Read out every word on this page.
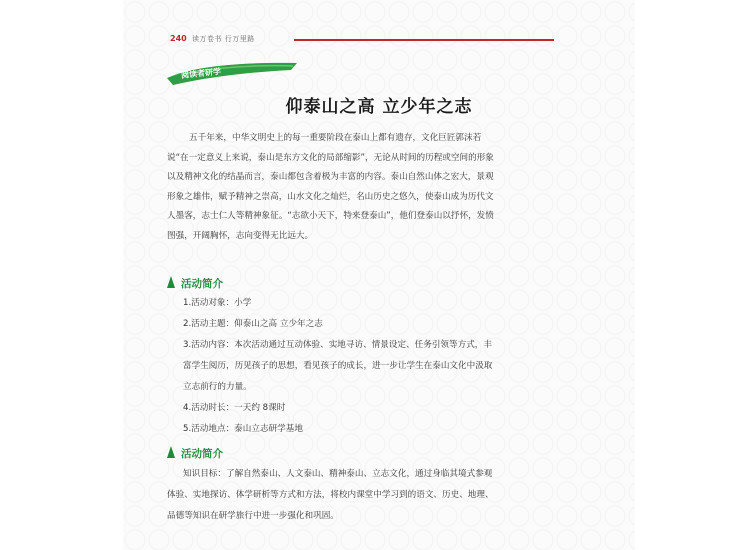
240 读万卷书 行万里路
阅读者研学
仰泰山之高 立少年之志

五千年来，中华文明史上的每一重要阶段在泰山上都有遗存，文化巨匠郭沫若说“在一定意义上来说，泰山是东方文化的局部缩影”，无论从时间的历程或空间的形象以及精神文化的结晶而言，泰山都包含着极为丰富的内容。泰山自然山体之宏大，景观形象之雄伟，赋予精神之崇高，山水文化之灿烂，名山历史之悠久，使泰山成为历代文人墨客，志士仁人等精神象征。“志欲小天下，特来登泰山”，他们登泰山以抒怀，发愤图强，开阔胸怀，志向变得无比远大。

活动简介
1.活动对象：小学
2.活动主题：仰泰山之高 立少年之志
3.活动内容：本次活动通过互动体验、实地寻访、情景设定、任务引领等方式，丰富学生阅历，历见孩子的思想，看见孩子的成长，进一步让学生在泰山文化中汲取立志前行的力量。
4.活动时长：一天约 8课时
5.活动地点：泰山立志研学基地
活动简介

知识目标：了解自然泰山、人文泰山、精神泰山、立志文化，通过身临其境式参观体验、实地探访、体学研析等方式和方法，将校内课堂中学习到的语文、历史、地理、品德等知识在研学旅行中进一步强化和巩固。
